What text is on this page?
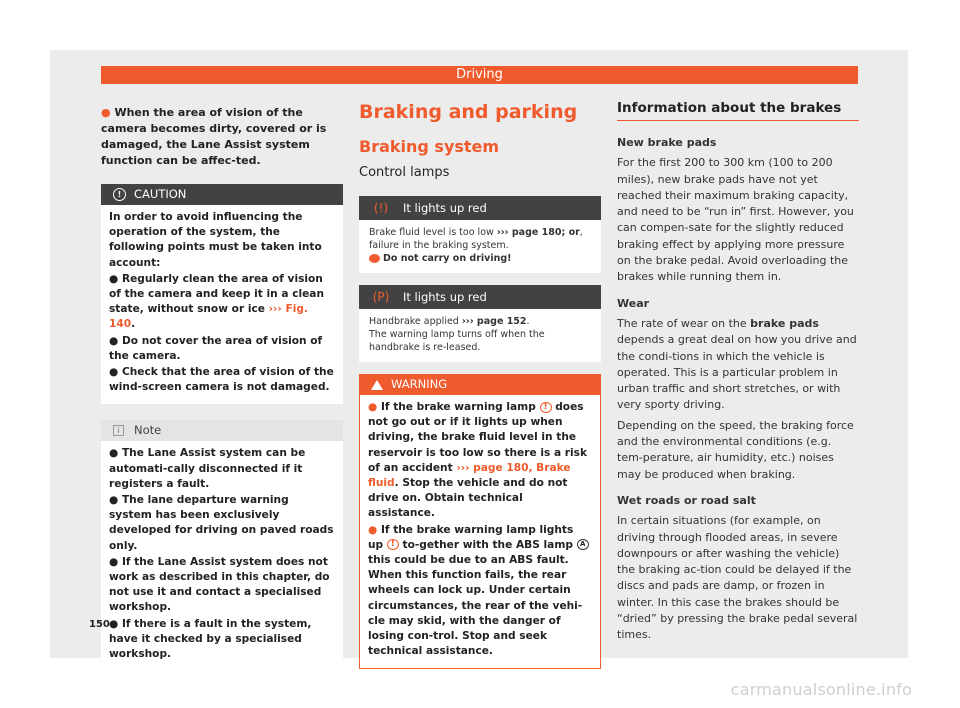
Driving

● When the area of vision of the camera becomes dirty, covered or is damaged, the Lane Assist system function can be affec-ted.

!	CAUTION

In order to avoid influencing the operation of the system, the following points must be taken into account:

● Regularly clean the area of vision of the camera and keep it in a clean state, without snow or ice ››› Fig. 140.

● Do not cover the area of vision of the camera.

● Check that the area of vision of the wind-screen camera is not damaged.

i	Note

● The Lane Assist system can be automati-cally disconnected if it registers a fault.

● The lane departure warning system has been exclusively developed for driving on paved roads only.

● If the Lane Assist system does not work as described in this chapter, do not use it and contact a specialised workshop.

● If there is a fault in the system, have it checked by a specialised workshop.

Braking and parking
Braking system
Control lamps
(!)	It lights up red
Brake fluid level is too low ››› page 180; or, failure in the braking system.
Do not carry on driving!
(P)	It lights up red
Handbrake applied ››› page 152.
The warning lamp turns off when the handbrake is re-leased.
WARNING

● If the brake warning lamp ! does not go out or if it lights up when driving, the brake fluid level in the reservoir is too low so there is a risk of an accident ››› page 180, Brake fluid. Stop the vehicle and do not drive on. Obtain technical assistance.

● If the brake warning lamp lights up ! to-gether with the ABS lamp A this could be due to an ABS fault. When this function fails, the rear wheels can lock up. Under certain circumstances, the rear of the vehi-cle may skid, with the danger of losing con-trol. Stop and seek technical assistance.

Information about the brakes

New brake pads

For the first 200 to 300 km (100 to 200 miles), new brake pads have not yet reached their maximum braking capacity, and need to be “run in” first. However, you can compen-sate for the slightly reduced braking effect by applying more pressure on the brake pedal. Avoid overloading the brakes while running them in.

Wear

The rate of wear on the brake pads depends a great deal on how you drive and the condi-tions in which the vehicle is operated. This is a particular problem in urban traffic and short stretches, or with very sporty driving.

Depending on the speed, the braking force and the environmental conditions (e.g. tem-perature, air humidity, etc.) noises may be produced when braking.

Wet roads or road salt

In certain situations (for example, on driving through flooded areas, in severe downpours or after washing the vehicle) the braking ac-tion could be delayed if the discs and pads are damp, or frozen in winter. In this case the brakes should be “dried” by pressing the brake pedal several times.

150
carmanualsonline.info
